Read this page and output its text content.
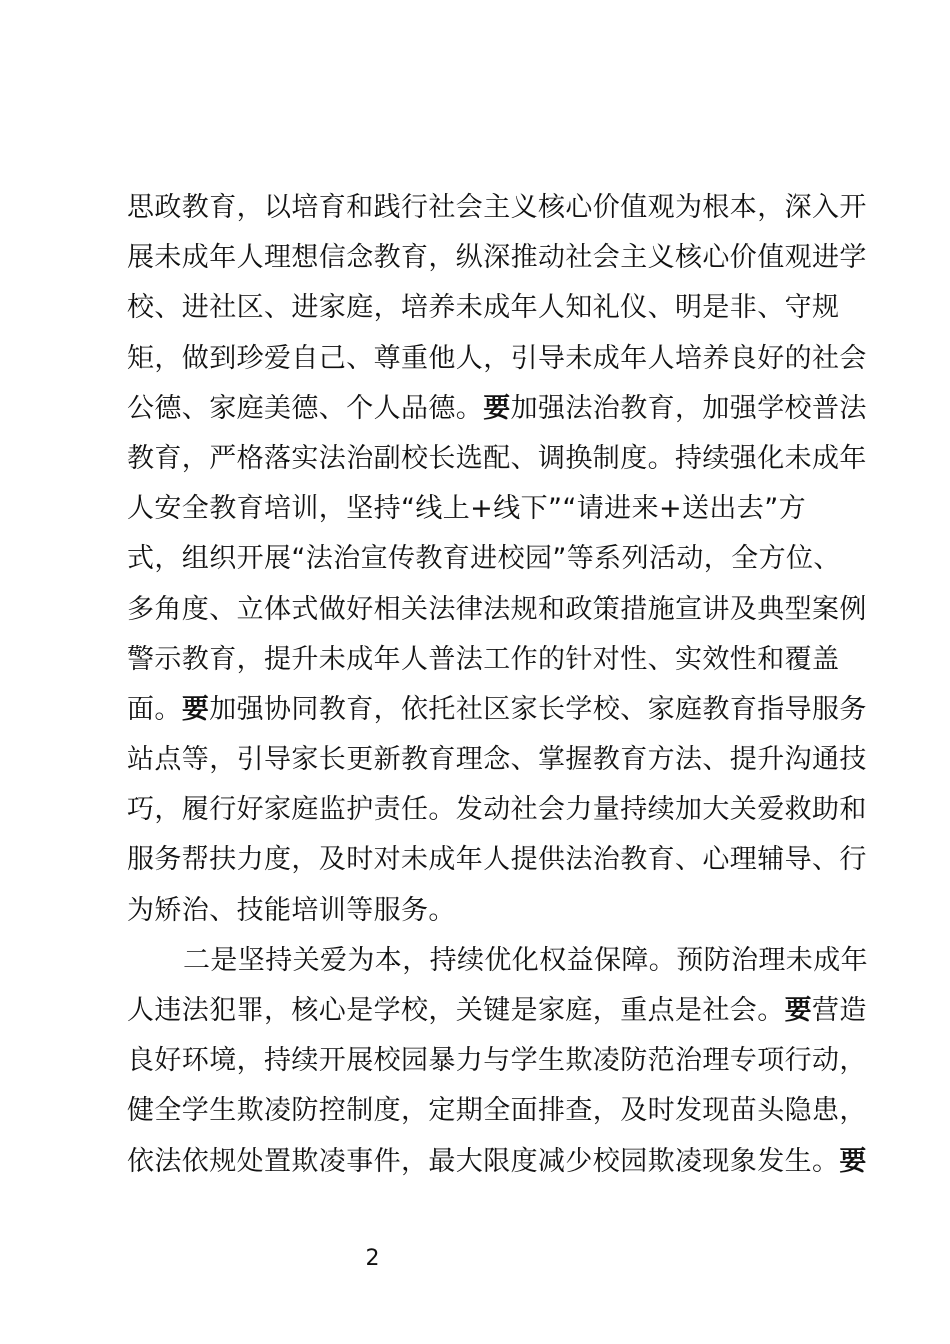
思政教育，以培育和践行社会主义核心价值观为根本，深入开
展未成年人理想信念教育，纵深推动社会主义核心价值观进学
校、进社区、进家庭，培养未成年人知礼仪、明是非、守规
矩，做到珍爱自己、尊重他人，引导未成年人培养良好的社会
公德、家庭美德、个人品德。要加强法治教育，加强学校普法
教育，严格落实法治副校长选配、调换制度。持续强化未成年
人安全教育培训，坚持“线上+线下”“请进来+送出去”方
式，组织开展“法治宣传教育进校园”等系列活动，全方位、
多角度、立体式做好相关法律法规和政策措施宣讲及典型案例
警示教育，提升未成年人普法工作的针对性、实效性和覆盖
面。要加强协同教育，依托社区家长学校、家庭教育指导服务
站点等，引导家长更新教育理念、掌握教育方法、提升沟通技
巧，履行好家庭监护责任。发动社会力量持续加大关爱救助和
服务帮扶力度，及时对未成年人提供法治教育、心理辅导、行
为矫治、技能培训等服务。
二是坚持关爱为本，持续优化权益保障。预防治理未成年
人违法犯罪，核心是学校，关键是家庭，重点是社会。要营造
良好环境，持续开展校园暴力与学生欺凌防范治理专项行动，
健全学生欺凌防控制度，定期全面排查，及时发现苗头隐患，
依法依规处置欺凌事件，最大限度减少校园欺凌现象发生。要
2
